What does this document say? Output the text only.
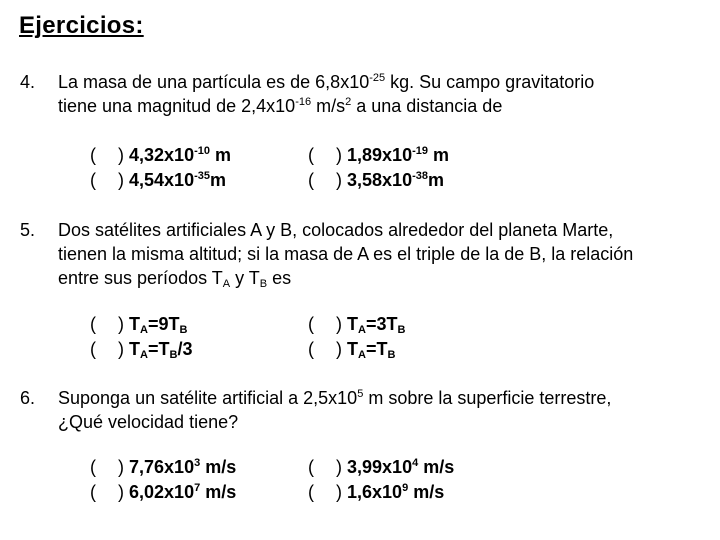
Ejercicios:
4.	La masa de una partícula es de $6,8x10^{-25}$ kg. Su campo gravitatorio
tiene una magnitud de $2,4x10^{-16}$ $m/s^2$ a una distancia de
( ) $4,32x10^{-10}$ m	( ) $1,89x10^{-19}$ m
( ) $4,54x10^{-35}m$	( ) $3,58x10^{-38}m$
5.	Dos satélites artificiales A y B, colocados alrededor del planeta Marte,
tienen la misma altitud; si la masa de A es el triple de la de B, la relación
entre sus períodos $T_A$ y $T_B$ es
( ) $T_A=9T_B$	( ) $T_A=3T_B$
( ) $T_A=T_B/3$	( ) $T_A=T_B$
6.	Suponga un satélite artificial a $2,5x10^5$ m sobre la superficie terrestre,
¿Qué velocidad tiene?
( ) $7,76x10^3$ m/s	( ) $3,99x10^4$ m/s
( ) $6,02x10^7$ m/s	( ) $1,6x10^9$ m/s
